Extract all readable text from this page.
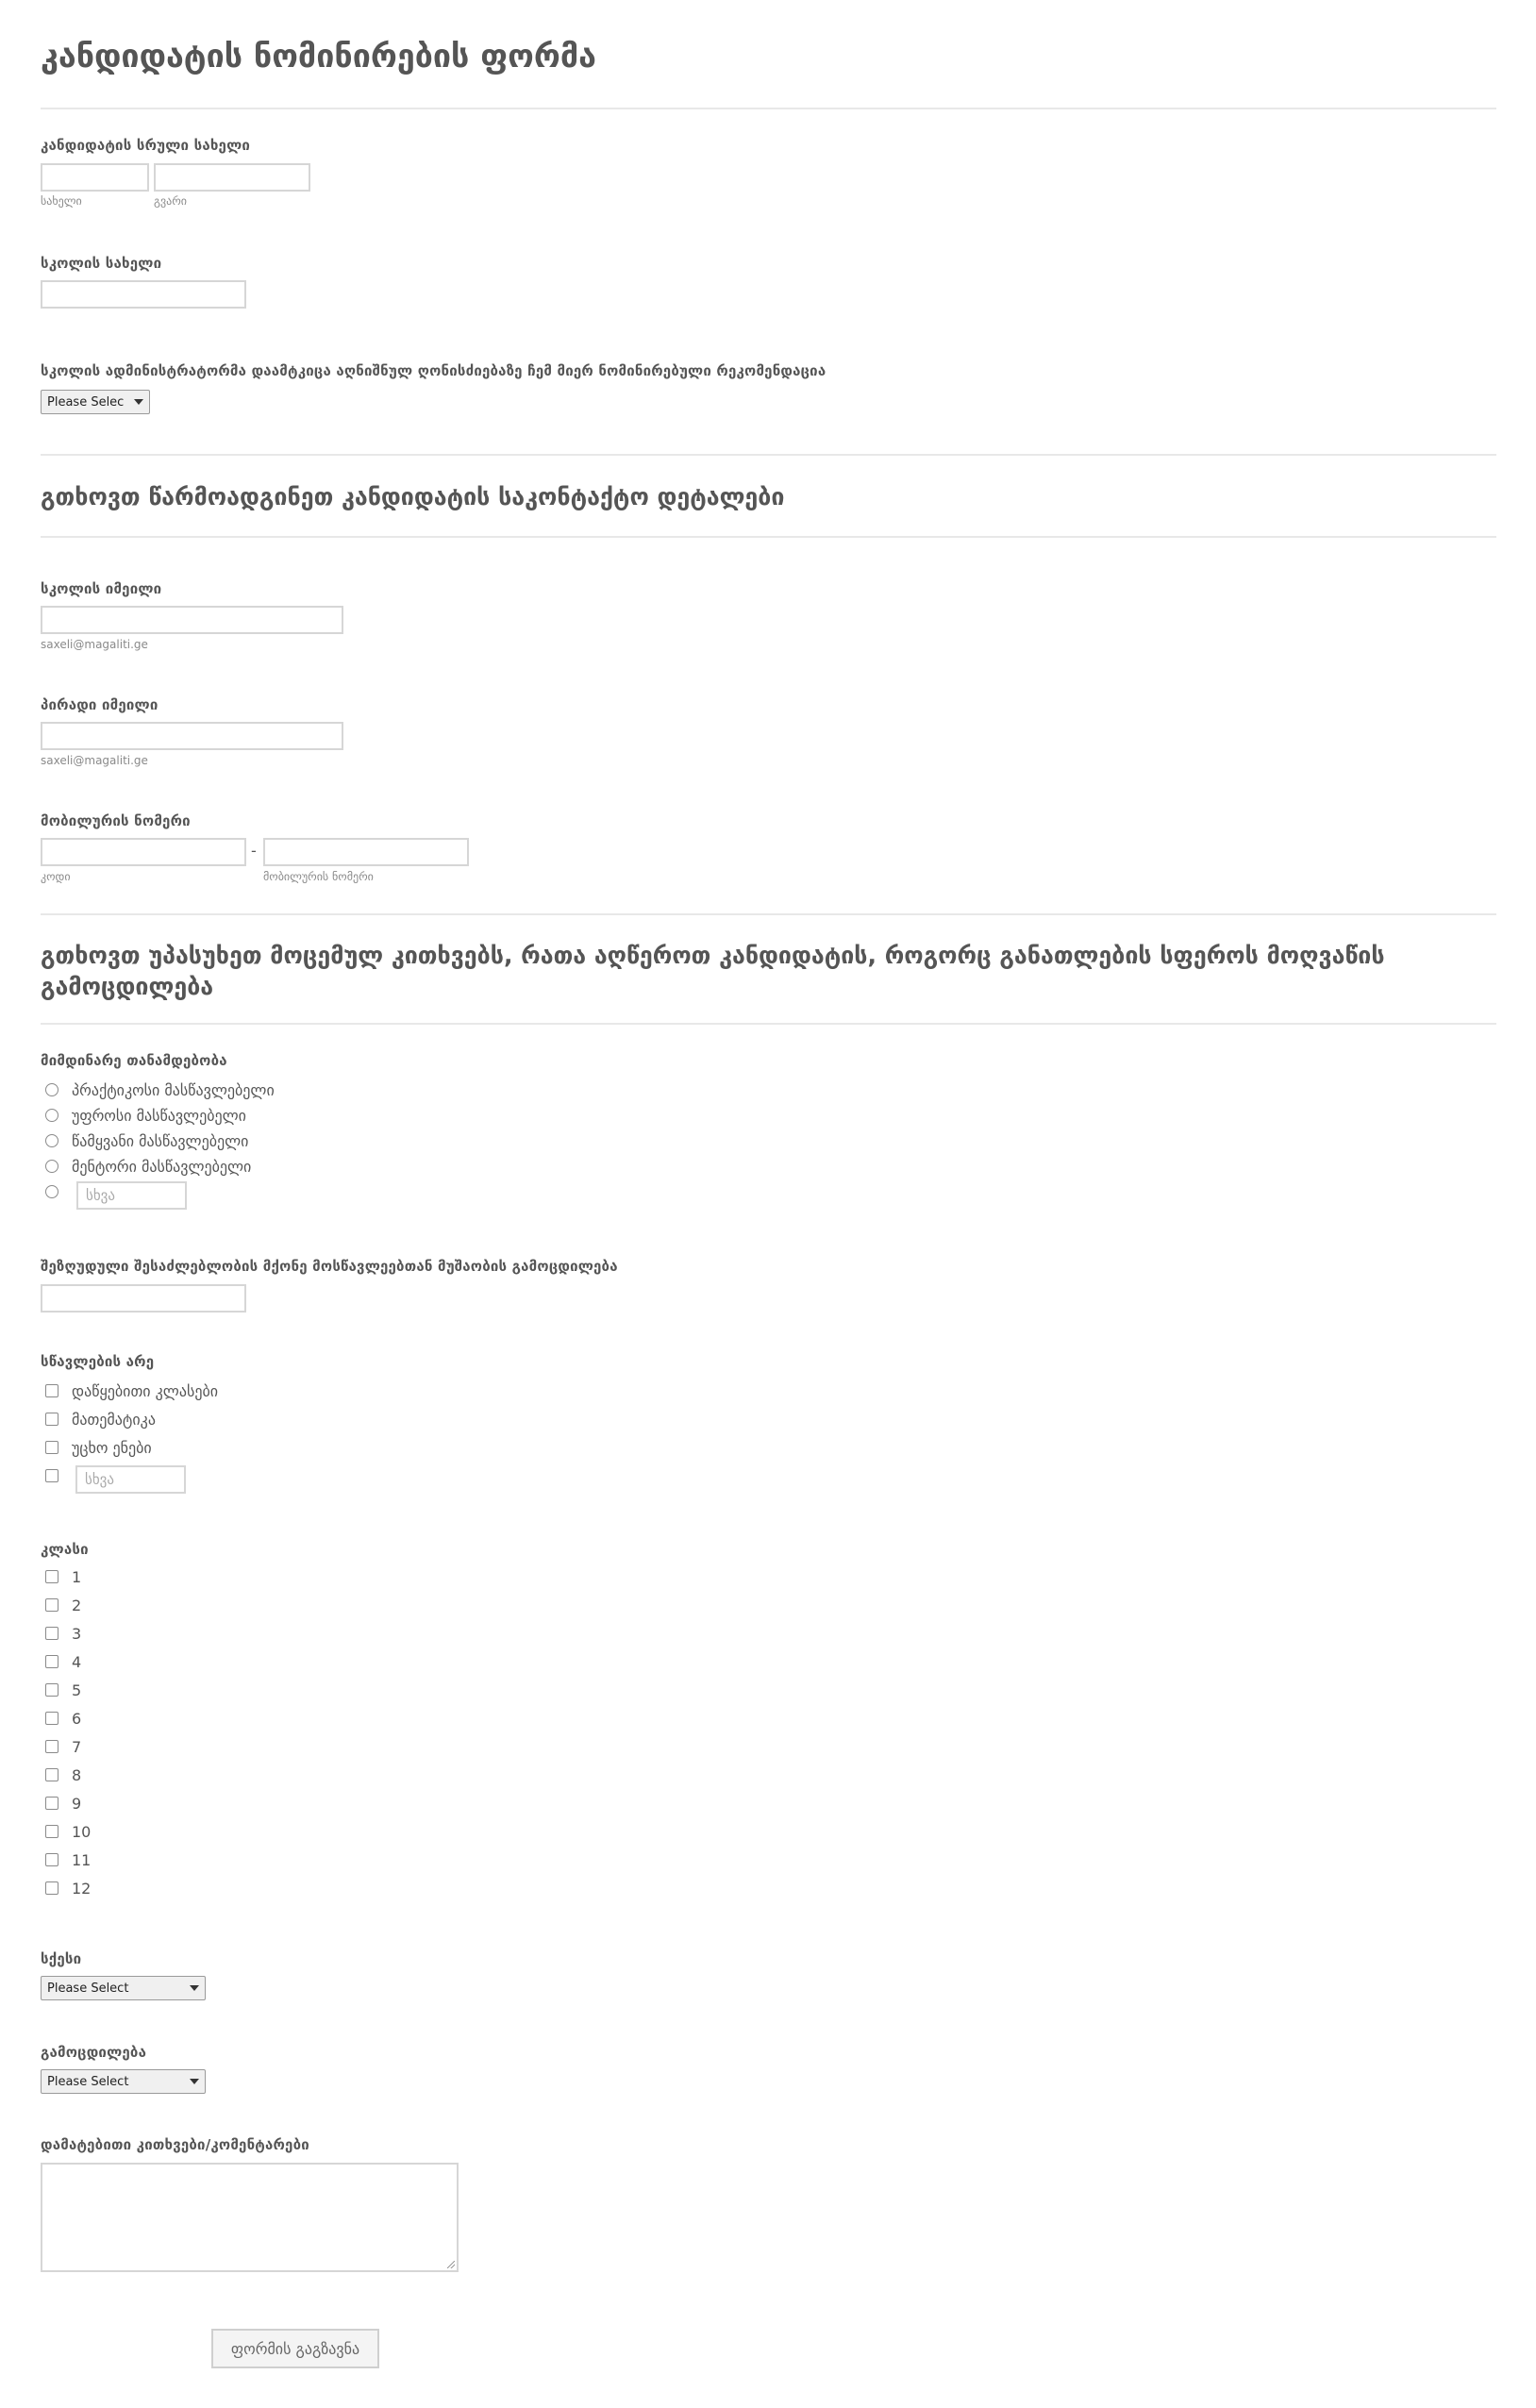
კანდიდატის ნომინირების ფორმა
კანდიდატის სრული სახელი
სახელი	გვარი
სკოლის სახელი
სკოლის ადმინისტრატორმა დაამტკიცა აღნიშნულ ღონისძიებაზე ჩემ მიერ ნომინირებული რეკომენდაცია
Please Selec
გთხოვთ წარმოადგინეთ კანდიდატის საკონტაქტო დეტალები
სკოლის იმეილი
saxeli@magaliti.ge
პირადი იმეილი
saxeli@magaliti.ge
მობილურის ნომერი
-
კოდი	მობილურის ნომერი
გთხოვთ უპასუხეთ მოცემულ კითხვებს, რათა აღწეროთ კანდიდატის, როგორც განათლების სფეროს მოღვაწის გამოცდილება
მიმდინარე თანამდებობა
პრაქტიკოსი მასწავლებელი
უფროსი მასწავლებელი
წამყვანი მასწავლებელი
მენტორი მასწავლებელი
სხვა
შეზღუდული შესაძლებლობის მქონე მოსწავლეებთან მუშაობის გამოცდილება
სწავლების არე
დაწყებითი კლასები
მათემატიკა
უცხო ენები
სხვა
კლასი
1
2
3
4
5
6
7
8
9
10
11
12
სქესი
Please Select
გამოცდილება
Please Select
დამატებითი კითხვები/კომენტარები
ფორმის გაგზავნა
